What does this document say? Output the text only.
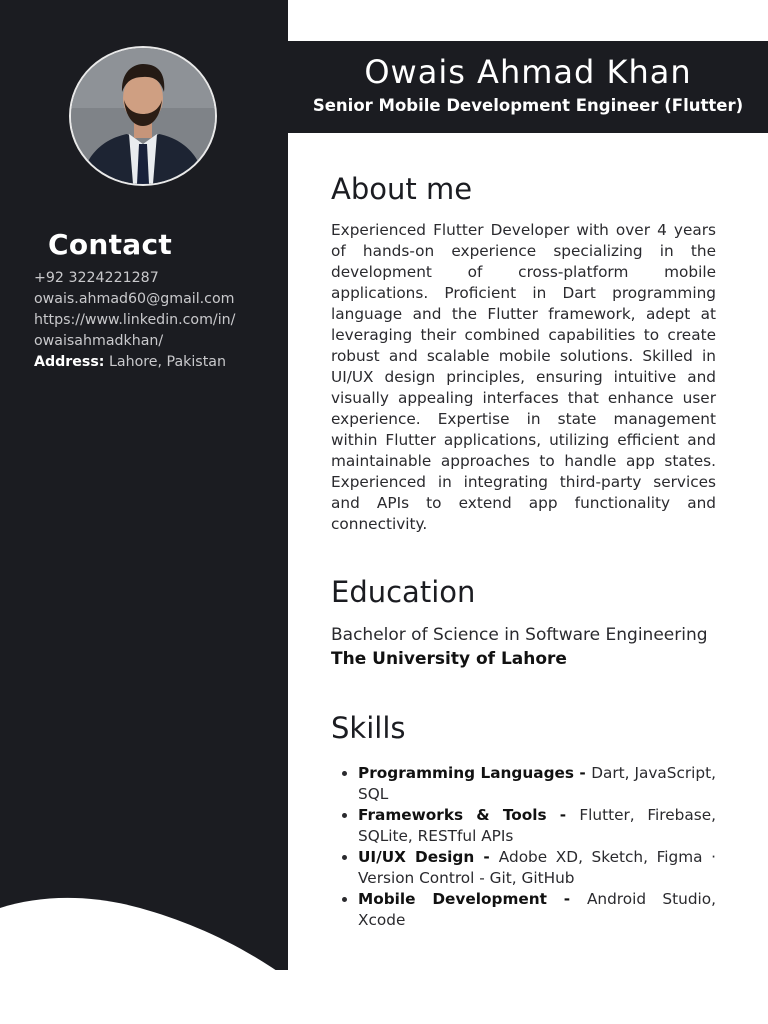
Contact
+92 3224221287
owais.ahmad60@gmail.com
https://www.linkedin.com/in/
owaisahmadkhan/
Address: Lahore, Pakistan
Owais Ahmad Khan

Senior Mobile Development Engineer (Flutter)

About me

Experienced Flutter Developer with over 4 years of hands-on experience specializing in the development of cross-platform mobile applications. Proficient in Dart programming language and the Flutter framework, adept at leveraging their combined capabilities to create robust and scalable mobile solutions. Skilled in UI/UX design principles, ensuring intuitive and visually appealing interfaces that enhance user experience. Expertise in state management within Flutter applications, utilizing efficient and maintainable approaches to handle app states. Experienced in integrating third-party services and APIs to extend app functionality and connectivity.

Education

Bachelor of Science in Software Engineering The University of Lahore

Skills
• Programming Languages - Dart, JavaScript, SQL
• Frameworks & Tools - Flutter, Firebase, SQLite, RESTful APIs
• UI/UX Design - Adobe XD, Sketch, Figma · Version Control - Git, GitHub
• Mobile Development - Android Studio, Xcode
